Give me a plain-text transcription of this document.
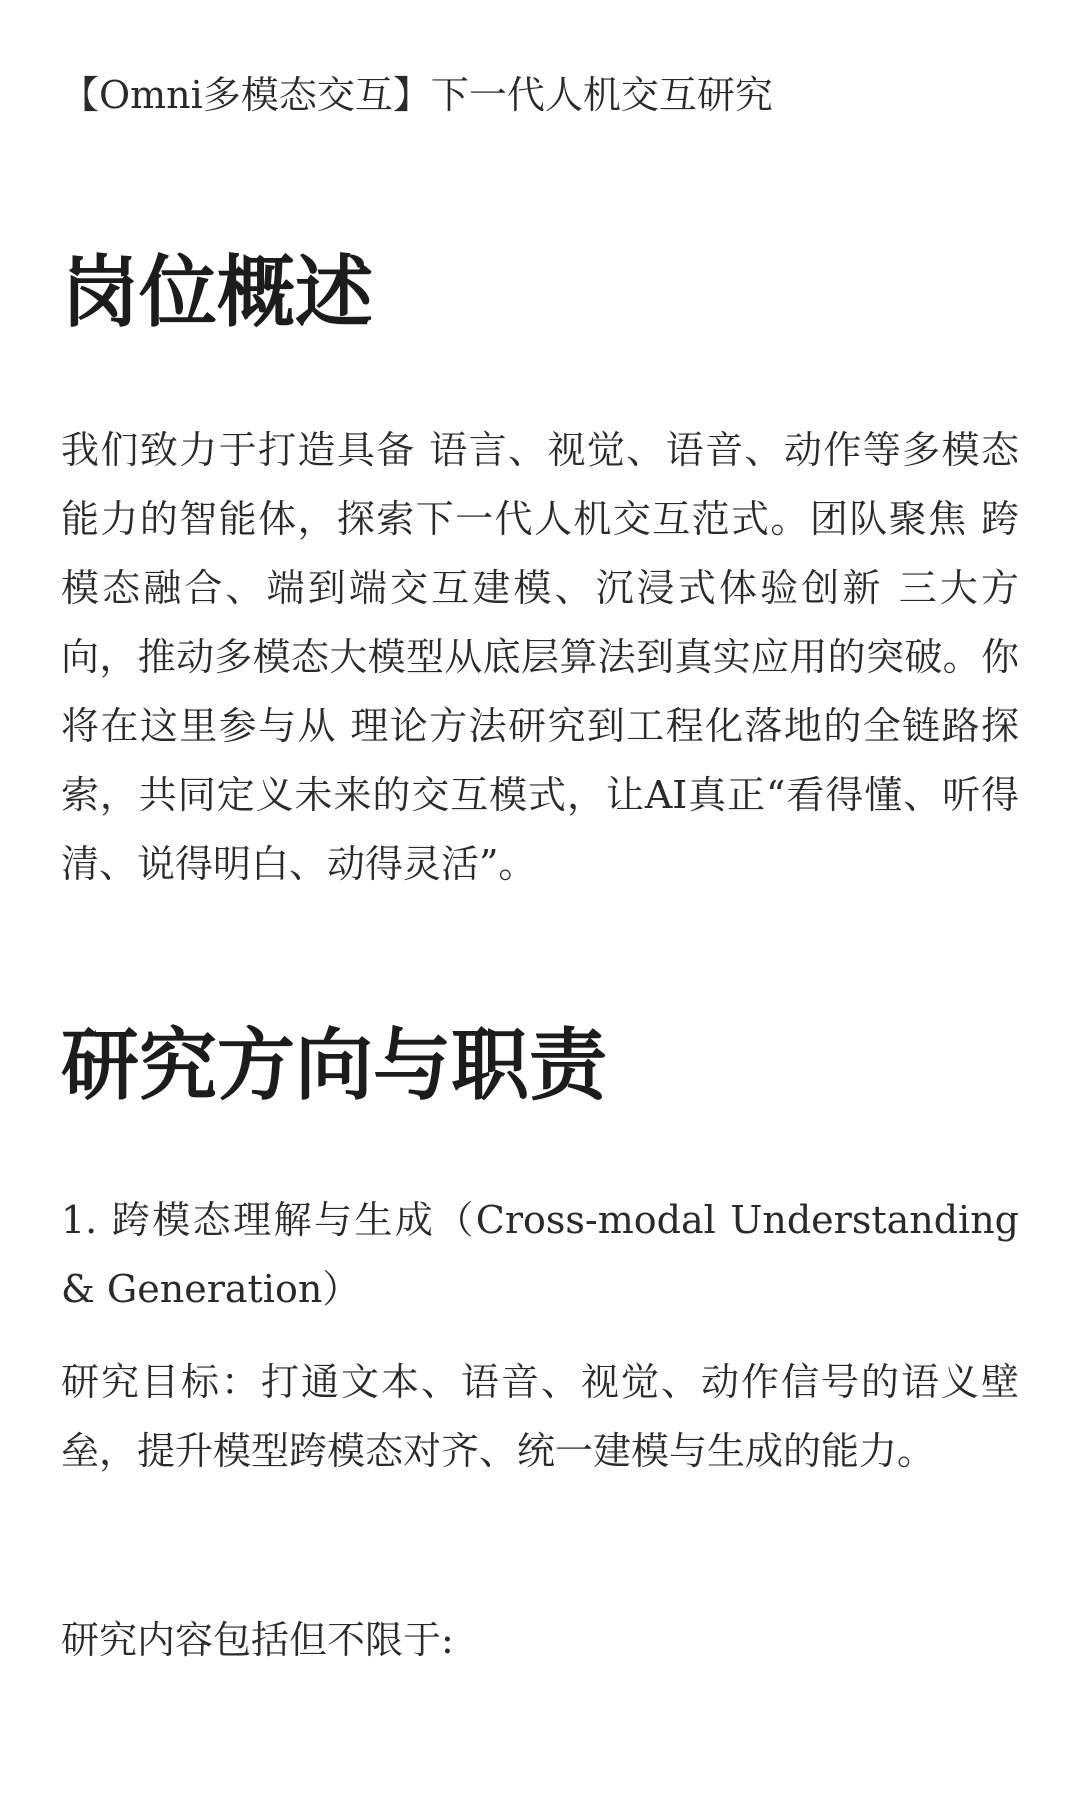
【Omni多模态交互】下一代人机交互研究
岗位概述

我们致力于打造具备 语言、视觉、语音、动作等多模态能力的智能体，探索下一代人机交互范式。团队聚焦 跨模态融合、端到端交互建模、沉浸式体验创新 三大方向，推动多模态大模型从底层算法到真实应用的突破。你将在这里参与从 理论方法研究到工程化落地的全链路探索，共同定义未来的交互模式，让AI真正“看得懂、听得清、说得明白、动得灵活”。

研究方向与职责

1. 跨模态理解与生成（Cross-modal Understanding & Generation）

研究目标：打通文本、语音、视觉、动作信号的语义壁垒，提升模型跨模态对齐、统一建模与生成的能力。

研究内容包括但不限于:
